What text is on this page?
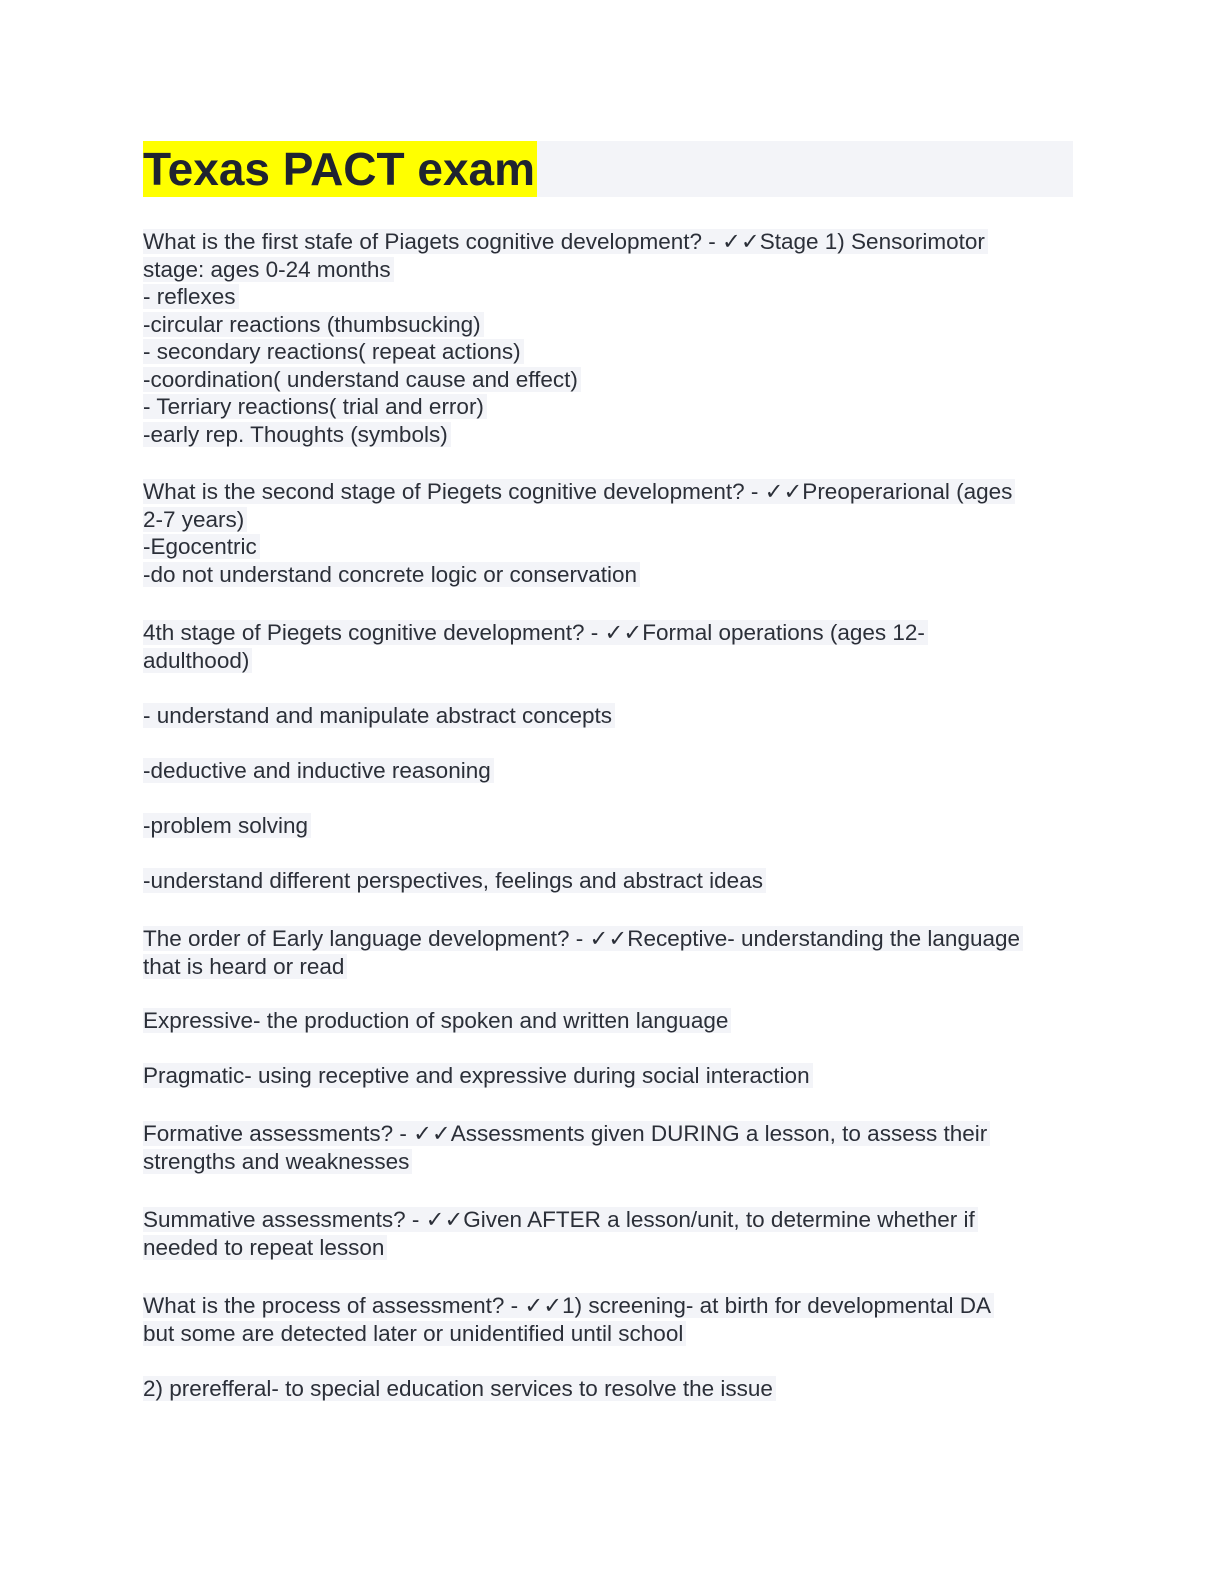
Texas PACT exam
What is the first stafe of Piagets cognitive development? - ✓✓Stage 1) Sensorimotor
stage: ages 0-24 months
- reflexes
-circular reactions (thumbsucking)
- secondary reactions( repeat actions)
-coordination( understand cause and effect)
- Terriary reactions( trial and error)
-early rep. Thoughts (symbols)
What is the second stage of Piegets cognitive development? - ✓✓Preoperarional (ages
2-7 years)
-Egocentric
-do not understand concrete logic or conservation
4th stage of Piegets cognitive development? - ✓✓Formal operations (ages 12-
adulthood)
- understand and manipulate abstract concepts
-deductive and inductive reasoning
-problem solving
-understand different perspectives, feelings and abstract ideas
The order of Early language development? - ✓✓Receptive- understanding the language
that is heard or read
Expressive- the production of spoken and written language
Pragmatic- using receptive and expressive during social interaction
Formative assessments? - ✓✓Assessments given DURING a lesson, to assess their
strengths and weaknesses
Summative assessments? - ✓✓Given AFTER a lesson/unit, to determine whether if
needed to repeat lesson
What is the process of assessment? - ✓✓1) screening- at birth for developmental DA
but some are detected later or unidentified until school
2) prerefferal- to special education services to resolve the issue
